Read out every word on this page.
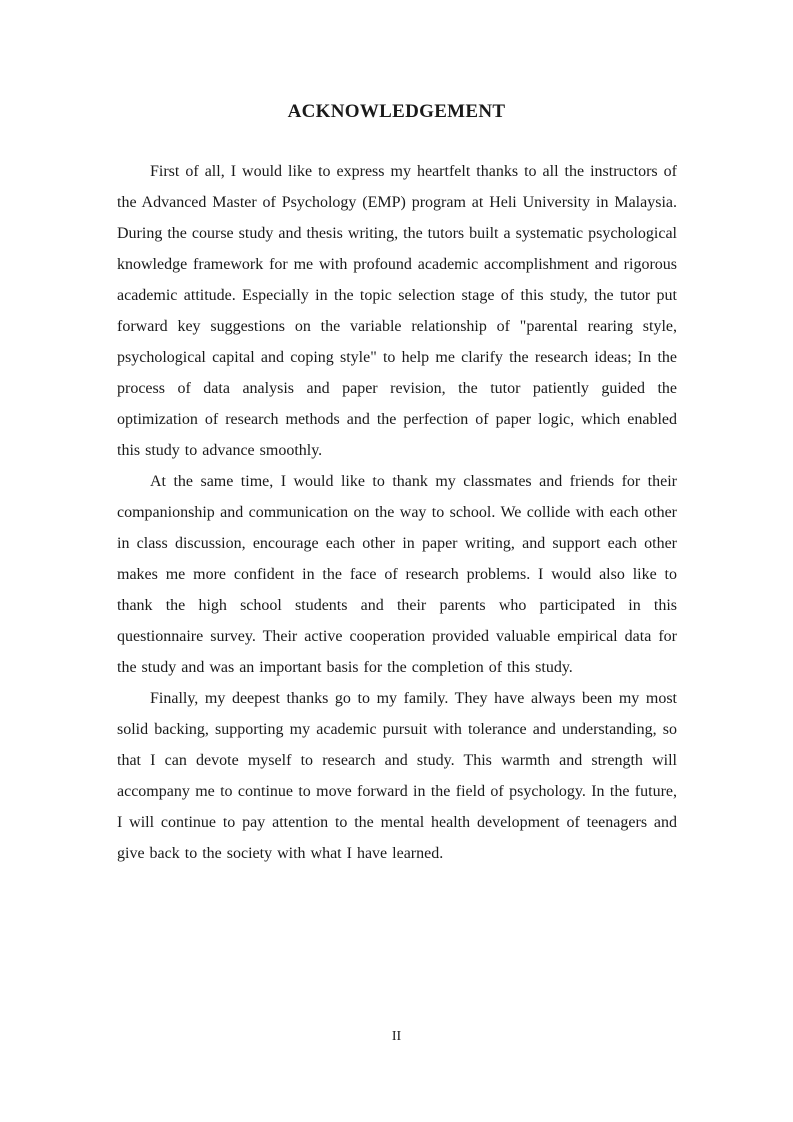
ACKNOWLEDGEMENT

First of all, I would like to express my heartfelt thanks to all the instructors of the Advanced Master of Psychology (EMP) program at Heli University in Malaysia. During the course study and thesis writing, the tutors built a systematic psychological knowledge framework for me with profound academic accomplishment and rigorous academic attitude. Especially in the topic selection stage of this study, the tutor put forward key suggestions on the variable relationship of "parental rearing style, psychological capital and coping style" to help me clarify the research ideas; In the process of data analysis and paper revision, the tutor patiently guided the optimization of research methods and the perfection of paper logic, which enabled this study to advance smoothly.

At the same time, I would like to thank my classmates and friends for their companionship and communication on the way to school. We collide with each other in class discussion, encourage each other in paper writing, and support each other makes me more confident in the face of research problems. I would also like to thank the high school students and their parents who participated in this questionnaire survey. Their active cooperation provided valuable empirical data for the study and was an important basis for the completion of this study.

Finally, my deepest thanks go to my family. They have always been my most solid backing, supporting my academic pursuit with tolerance and understanding, so that I can devote myself to research and study. This warmth and strength will accompany me to continue to move forward in the field of psychology. In the future, I will continue to pay attention to the mental health development of teenagers and give back to the society with what I have learned.

II
